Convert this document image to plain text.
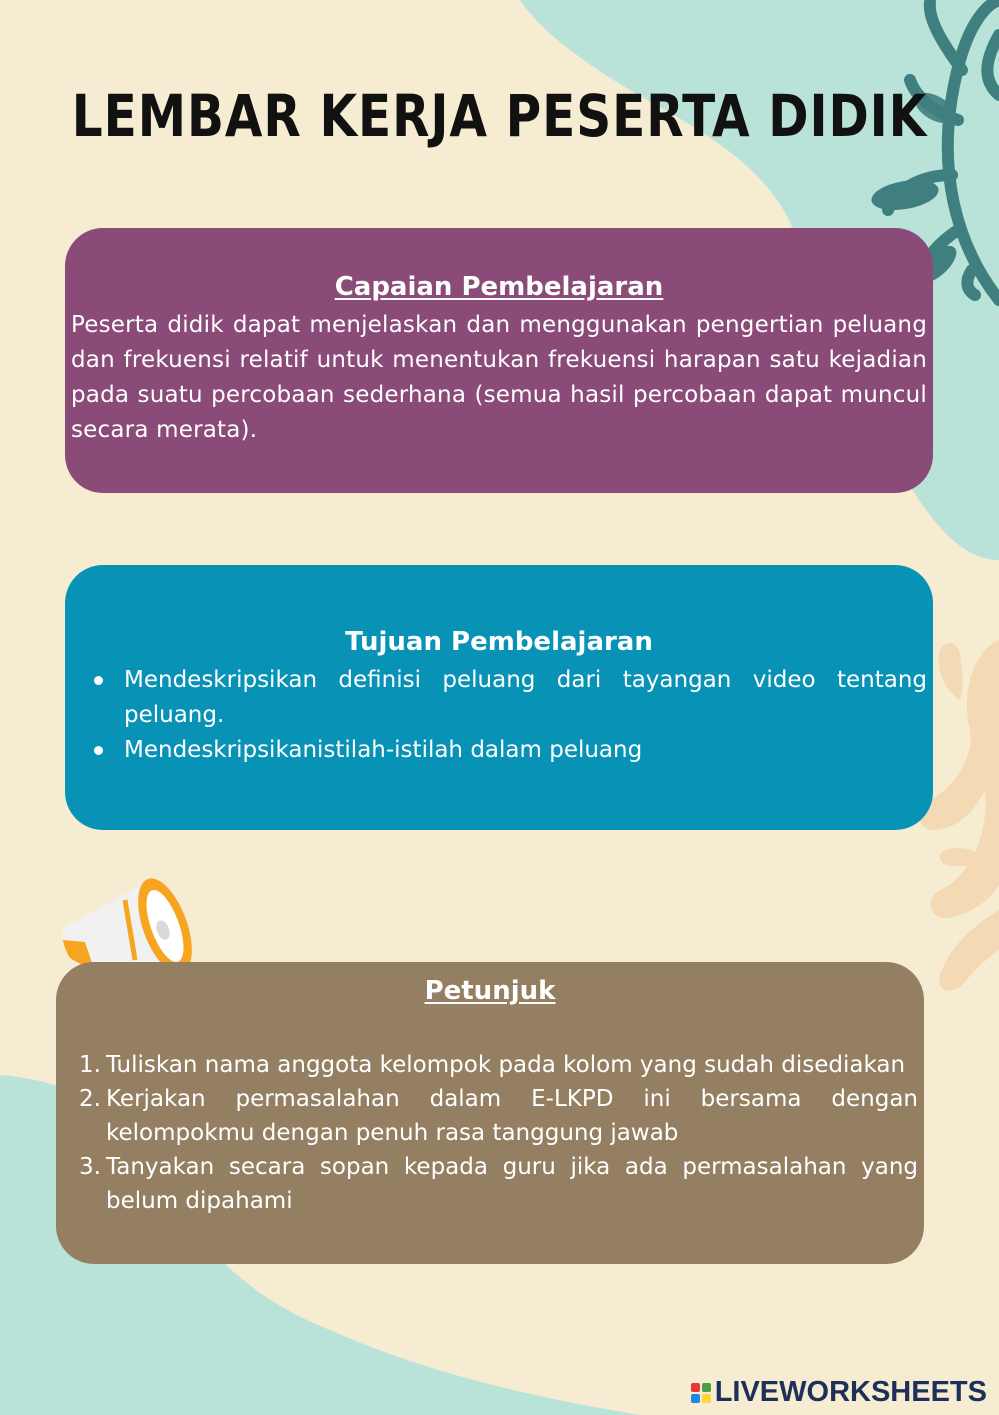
LEMBAR KERJA PESERTA DIDIK
Capaian Pembelajaran

Peserta didik dapat menjelaskan dan menggunakan pengertian peluang dan frekuensi relatif untuk menentukan frekuensi harapan satu kejadian pada suatu percobaan sederhana (semua hasil percobaan dapat muncul secara merata).

Tujuan Pembelajaran
Mendeskripsikan definisi peluang dari tayangan video tentang peluang.
Mendeskripsikanistilah-istilah dalam peluang
Petunjuk
1. Tuliskan nama anggota kelompok pada kolom yang sudah disediakan
2. Kerjakan permasalahan dalam E-LKPD ini bersama dengan kelompokmu dengan penuh rasa tanggung jawab
3. Tanyakan secara sopan kepada guru jika ada permasalahan yang belum dipahami
LIVEWORKSHEETS
